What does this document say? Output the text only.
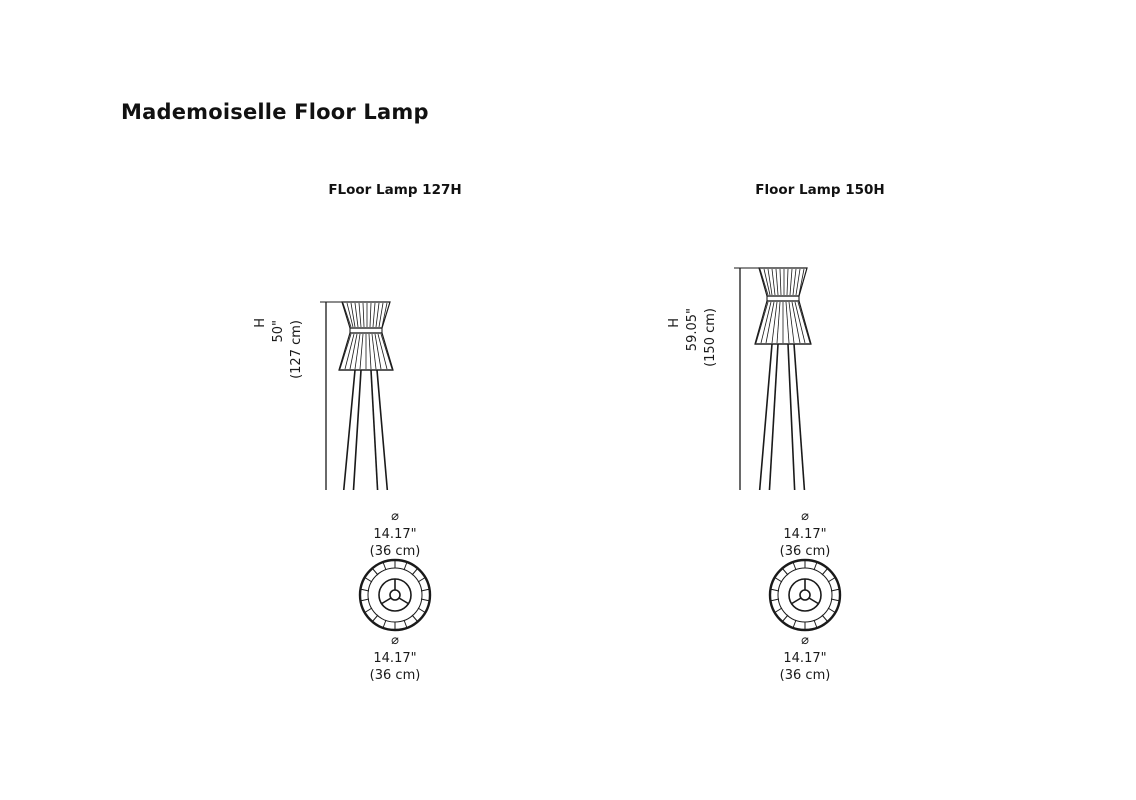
Mademoiselle Floor Lamp
FLoor Lamp 127H
H 50" (127 cm)
⌀
14.17"
(36 cm)
⌀
14.17"
(36 cm)
Floor Lamp 150H
H 59.05" (150 cm)
⌀
14.17"
(36 cm)
⌀
14.17"
(36 cm)
